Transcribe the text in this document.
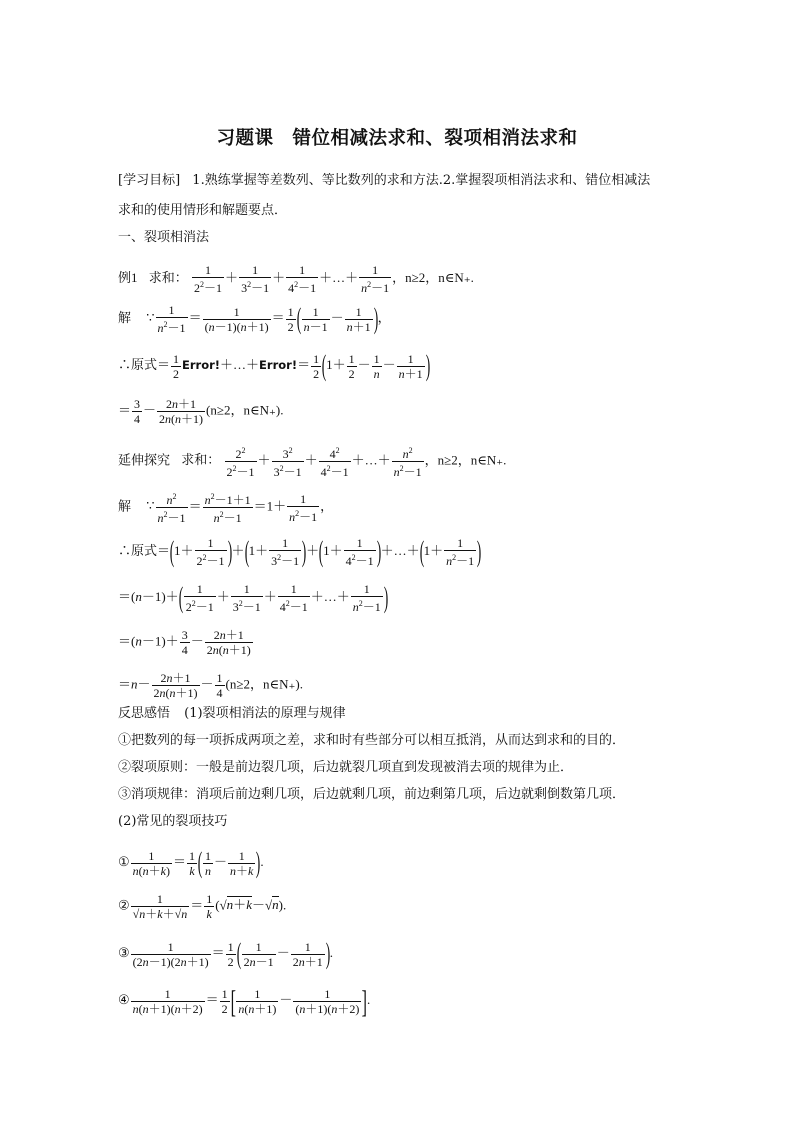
习题课　错位相减法求和、裂项相消法求和
[学习目标] 1.熟练掌握等差数列、等比数列的求和方法.2.掌握裂项相消法求和、错位相减法
求和的使用情形和解题要点．
一、裂项相消法
例1 求和： $\frac{1}{2^2-1} + \frac{1}{3^2-1} + \frac{1}{4^2-1}$ ＋…＋ $\frac{1}{n^2-1}$ ，n≥2，n∈N₊.
解 ∵ $\frac{1}{n^2-1} = \frac{1}{(n-1)(n+1)} = \frac{1}{2}$ ( $\frac{1}{n-1} - \frac{1}{n+1}$ )，
∴原式＝ $\frac{1}{2}$ Error!＋…＋Error!＝ $\frac{1}{2} (1+ \frac{1}{2} - \frac{1}{n} - \frac{1}{n+1}$ )
＝ $\frac{3}{4} - \frac{2n+1}{2n(n+1)} (n\ge 2$，n∈N₊).
延伸探究 求和： $\frac{2^2}{2^2-1} + \frac{3^2}{3^2-1} + \frac{4^2}{4^2-1}$ ＋…＋ $\frac{n^2}{n^2-1}$ ，n≥2，n∈N₊.
解 ∵ $\frac{n^2}{n^2-1} = \frac{n^2-1+1}{n^2-1} =1+ \frac{1}{n^2-1}$ ，
∴原式$=(1+ \frac{1}{2^2-1} )+(1+ \frac{1}{3^2-1} )+(1+ \frac{1}{4^2-1}$ )＋…＋(1＋ $\frac{1}{n^2-1}$ )
$=(n-1)+( \frac{1}{2^2-1} + \frac{1}{3^2-1} + \frac{1}{4^2-1}$ ＋…＋ $\frac{1}{n^2-1}$ )
$=(n-1)+ \frac{3}{4} - \frac{2n+1}{2n(n+1)}$
$=n- \frac{2n+1}{2n(n+1)} - \frac{1}{4} (n\ge 2$，n∈N₊).
反思感悟 (1)裂项相消法的原理与规律
①把数列的每一项拆成两项之差，求和时有些部分可以相互抵消，从而达到求和的目的．
②裂项原则：一般是前边裂几项，后边就裂几项直到发现被消去项的规律为止．
③消项规律：消项后前边剩几项，后边就剩几项，前边剩第几项，后边就剩倒数第几项．
(2)常见的裂项技巧
① $\frac{1}{n(n+k)} = \frac{1}{k}$ ( $\frac{1}{n} - \frac{1}{n+k}$ ).
② $\frac{1}{√n+k+√n} = \frac{1}{k} (√n+k-√n)$.
③ $\frac{1}{(2n-1)(2n+1)} = \frac{1}{2}$ ( $\frac{1}{2n-1} - \frac{1}{2n+1}$ ).
④ $\frac{1}{n(n+1)(n+2)} = \frac{1}{2}$ [ $\frac{1}{n(n+1)} - \frac{1}{(n+1)(n+2)}$ ].
